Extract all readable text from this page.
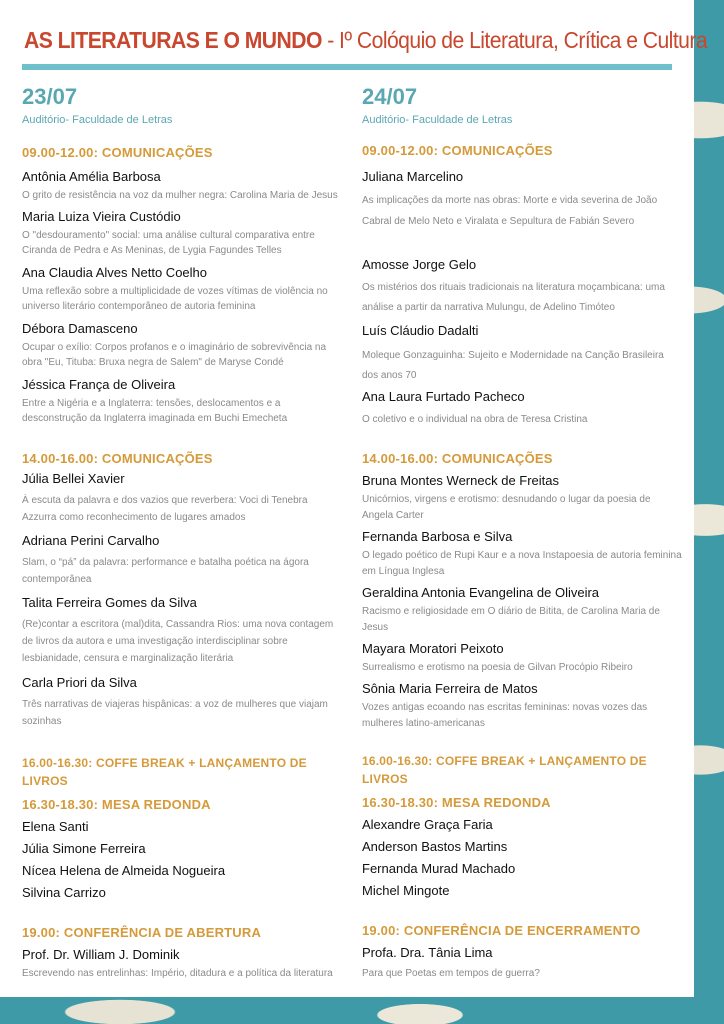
AS LITERATURAS E O MUNDO - Iº Colóquio de Literatura, Crítica e Cultura
23/07
Auditório- Faculdade de Letras
09.00-12.00: COMUNICAÇÕES
Antônia Amélia Barbosa
O grito de resistência na voz da mulher negra: Carolina Maria de Jesus
Maria Luiza Vieira Custódio
O "desdouramento" social: uma análise cultural comparativa entre Ciranda de Pedra e As Meninas, de Lygia Fagundes Telles
Ana Claudia Alves Netto Coelho
Uma reflexão sobre a multiplicidade de vozes vítimas de violência no universo literário contemporâneo de autoria feminina
Débora Damasceno
Ocupar o exílio: Corpos profanos e o imaginário de sobrevivência na obra "Eu, Tituba: Bruxa negra de Salem" de Maryse Condé
Jéssica França de Oliveira
Entre a Nigéria e a Inglaterra: tensões, deslocamentos e a desconstrução da Inglaterra imaginada em Buchi Emecheta
14.00-16.00: COMUNICAÇÕES
Júlia Bellei Xavier
À escuta da palavra e dos vazios que reverbera: Voci di Tenebra Azzurra como reconhecimento de lugares amados
Adriana Perini Carvalho
Slam, o “pá” da palavra: performance e batalha poética na ágora contemporânea
Talita Ferreira Gomes da Silva
(Re)contar a escritora (mal)dita, Cassandra Rios: uma nova contagem de livros da autora e uma investigação interdisciplinar sobre lesbianidade, censura e marginalização literária
Carla Priori da Silva
Três narrativas de viajeras hispânicas: a voz de mulheres que viajam sozinhas
16.00-16.30: COFFE BREAK + LANÇAMENTO DE LIVROS
16.30-18.30: MESA REDONDA
Elena Santi
Júlia Simone Ferreira
Nícea Helena de Almeida Nogueira
Silvina Carrizo
19.00: CONFERÊNCIA DE ABERTURA
Prof. Dr. William J. Dominik
Escrevendo nas entrelinhas: Império, ditadura e a política da literatura
24/07
Auditório- Faculdade de Letras
09.00-12.00: COMUNICAÇÕES
Juliana Marcelino
As implicações da morte nas obras: Morte e vida severina de João Cabral de Melo Neto e Viralata e Sepultura de Fabián Severo
Amosse Jorge Gelo
Os mistérios dos rituais tradicionais na literatura moçambicana: uma análise a partir da narrativa Mulungu, de Adelino Timóteo
Luís Cláudio Dadalti
Moleque Gonzaguinha: Sujeito e Modernidade na Canção Brasileira dos anos 70
Ana Laura Furtado Pacheco
O coletivo e o individual na obra de Teresa Cristina
14.00-16.00: COMUNICAÇÕES
Bruna Montes Werneck de Freitas
Unicórnios, virgens e erotismo: desnudando o lugar da poesia de Angela Carter
Fernanda Barbosa e Silva
O legado poético de Rupi Kaur e a nova Instapoesia de autoria feminina em Língua Inglesa
Geraldina Antonia Evangelina de Oliveira
Racismo e religiosidade em O diário de Bitita, de Carolina Maria de Jesus
Mayara Moratori Peixoto
Surrealismo e erotismo na poesia de Gilvan Procópio Ribeiro
Sônia Maria Ferreira de Matos
Vozes antigas ecoando nas escritas femininas: novas vozes das mulheres latino-americanas
16.00-16.30: COFFE BREAK + LANÇAMENTO DE LIVROS
16.30-18.30: MESA REDONDA
Alexandre Graça Faria
Anderson Bastos Martins
Fernanda Murad Machado
Michel Mingote
19.00: CONFERÊNCIA DE ENCERRAMENTO
Profa. Dra. Tânia Lima
Para que Poetas em tempos de guerra?
